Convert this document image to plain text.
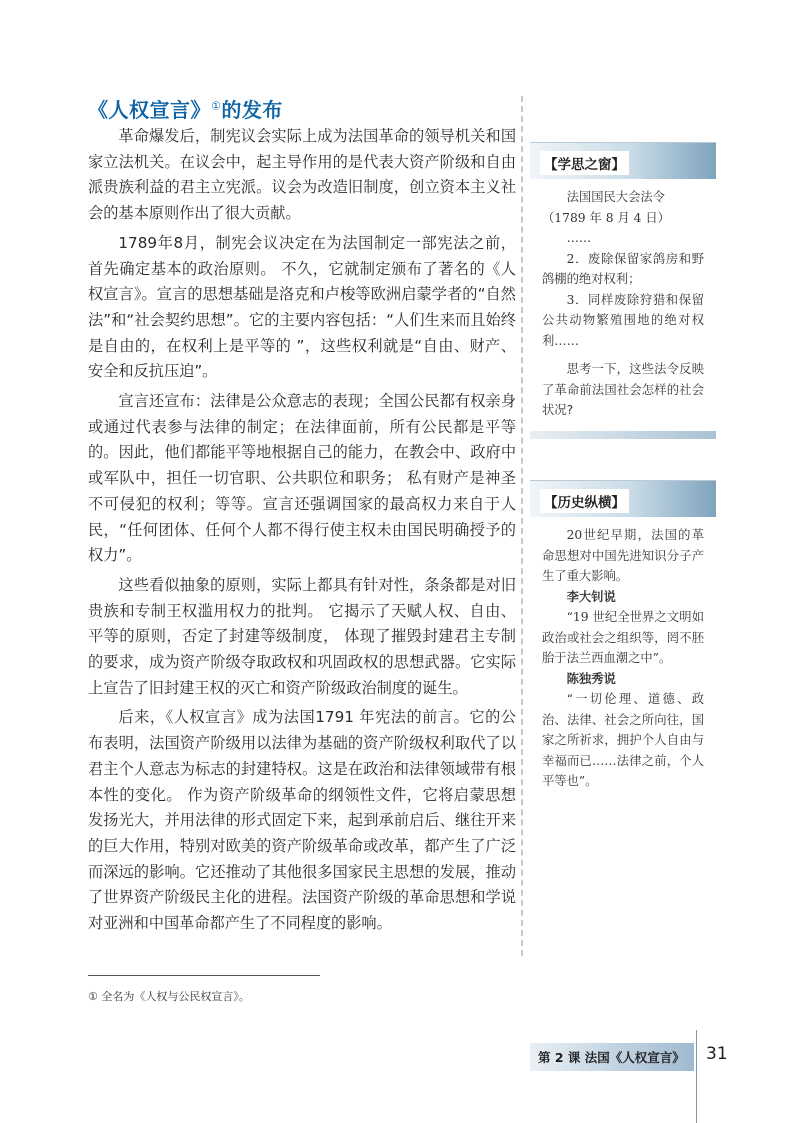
《人权宣言》①的发布

革命爆发后，制宪议会实际上成为法国革命的领导机关和国家立法机关。在议会中，起主导作用的是代表大资产阶级和自由派贵族利益的君主立宪派。议会为改造旧制度，创立资本主义社会的基本原则作出了很大贡献。

1789年8月，制宪会议决定在为法国制定一部宪法之前，首先确定基本的政治原则。 不久，它就制定颁布了著名的《人权宣言》。宣言的思想基础是洛克和卢梭等欧洲启蒙学者的“自然法”和“社会契约思想”。它的主要内容包括：“人们生来而且始终是自由的，在权利上是平等的 ”，这些权利就是“自由、财产、安全和反抗压迫”。

宣言还宣布：法律是公众意志的表现；全国公民都有权亲身或通过代表参与法律的制定；在法律面前，所有公民都是平等的。因此，他们都能平等地根据自己的能力，在教会中、政府中或军队中，担任一切官职、公共职位和职务； 私有财产是神圣不可侵犯的权利；等等。宣言还强调国家的最高权力来自于人民，“任何团体、任何个人都不得行使主权未由国民明确授予的权力”。

这些看似抽象的原则，实际上都具有针对性，条条都是对旧贵族和专制王权滥用权力的批判。 它揭示了天赋人权、自由、平等的原则，否定了封建等级制度， 体现了摧毁封建君主专制的要求，成为资产阶级夺取政权和巩固政权的思想武器。它实际上宣告了旧封建王权的灭亡和资产阶级政治制度的诞生。

后来，《人权宣言》成为法国1791 年宪法的前言。它的公布表明，法国资产阶级用以法律为基础的资产阶级权利取代了以君主个人意志为标志的封建特权。这是在政治和法律领域带有根本性的变化。 作为资产阶级革命的纲领性文件，它将启蒙思想发扬光大，并用法律的形式固定下来，起到承前启后、继往开来的巨大作用，特别对欧美的资产阶级革命或改革，都产生了广泛而深远的影响。它还推动了其他很多国家民主思想的发展，推动了世界资产阶级民主化的进程。法国资产阶级的革命思想和学说对亚洲和中国革命都产生了不同程度的影响。

【学思之窗】

法国国民大会法令

（1789 年 8 月 4 日）

……

2．废除保留家鸽房和野鸽棚的绝对权利；

3．同样废除狩猎和保留公共动物繁殖围地的绝对权利……

思考一下，这些法令反映了革命前法国社会怎样的社会状况?

【历史纵横】

20世纪早期，法国的革命思想对中国先进知识分子产生了重大影响。

李大钊说

“19 世纪全世界之文明如政治或社会之组织等，罔不胚胎于法兰西血潮之中”。

陈独秀说

“一切伦理、道德、政治、法律、社会之所向往，国家之所祈求，拥护个人自由与幸福而已……法律之前，个人平等也”。

① 全名为《人权与公民权宣言》。
第 2 课 法国《人权宣言》 31
